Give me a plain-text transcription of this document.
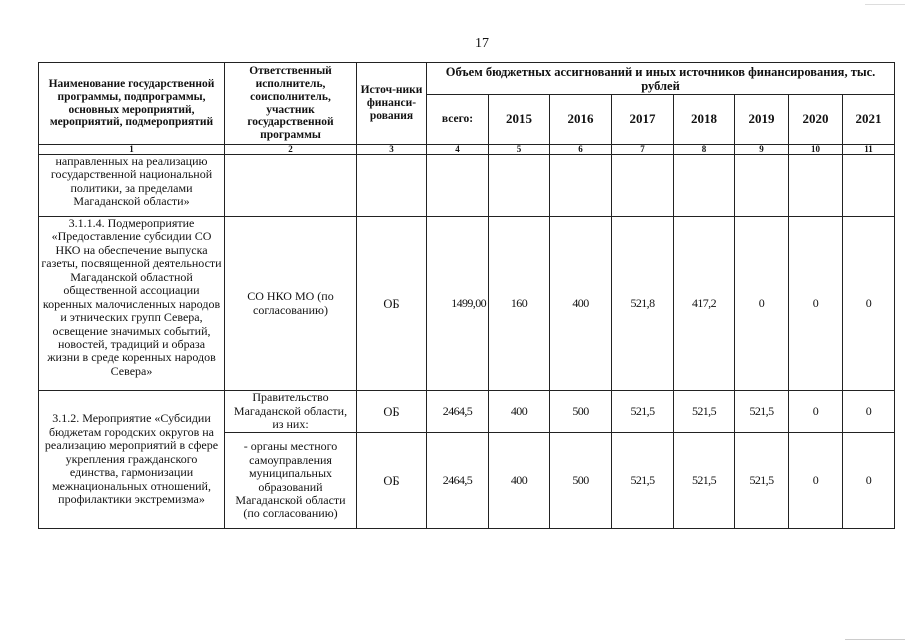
17
Наименование государственной программы, подпрограммы, основных мероприятий, мероприятий, подмероприятий	Ответственный исполнитель, соисполнитель, участник государственной программы	Источ-ники финанси-рования	Объем бюджетных ассигнований и иных источников финансирования, тыс. рублей							
			всего:	2015	2016	2017	2018	2019	2020	2021
1	2	3	4	5	6	7	8	9	10	11
направленных на реализацию государственной национальной политики, за пределами Магаданской области»										
3.1.1.4. Подмероприятие «Предоставление субсидии СО НКО на обеспечение выпуска газеты, посвященной деятельности Магаданской областной общественной ассоциации коренных малочисленных народов и этнических групп Севера, освещение значимых событий, новостей, традиций и образа жизни в среде коренных народов Севера»	СО НКО МО (по согласованию)	ОБ	1499,00	160	400	521,8	417,2	0	0	0
3.1.2. Мероприятие «Субсидии бюджетам городских округов на реализацию мероприятий в сфере укрепления гражданского единства, гармонизации межнациональных отношений, профилактики экстремизма»	Правительство Магаданской области, из них:	ОБ	2464,5	400	500	521,5	521,5	521,5	0	0
	- органы местного самоуправления муниципальных образований Магаданской области (по согласованию)	ОБ	2464,5	400	500	521,5	521,5	521,5	0	0
